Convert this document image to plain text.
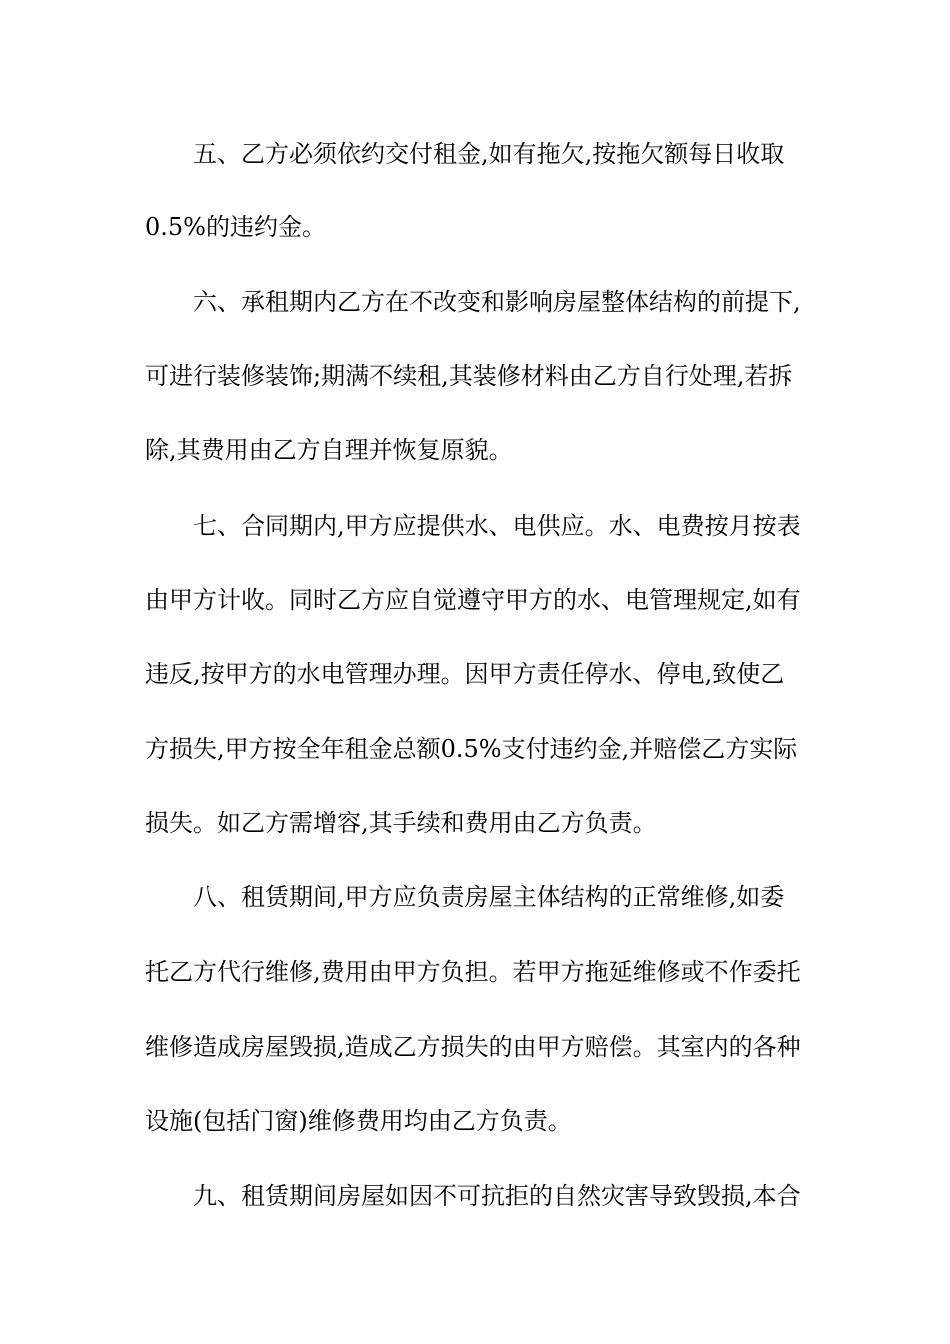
五、乙方必须依约交付租金,如有拖欠,按拖欠额每日收取
0.5%的违约金。
六、承租期内乙方在不改变和影响房屋整体结构的前提下,
可进行装修装饰;期满不续租,其装修材料由乙方自行处理,若拆
除,其费用由乙方自理并恢复原貌。
七、合同期内,甲方应提供水、电供应。水、电费按月按表
由甲方计收。同时乙方应自觉遵守甲方的水、电管理规定,如有
违反,按甲方的水电管理办理。因甲方责任停水、停电,致使乙
方损失,甲方按全年租金总额0.5%支付违约金,并赔偿乙方实际
损失。如乙方需增容,其手续和费用由乙方负责。
八、租赁期间,甲方应负责房屋主体结构的正常维修,如委
托乙方代行维修,费用由甲方负担。若甲方拖延维修或不作委托
维修造成房屋毁损,造成乙方损失的由甲方赔偿。其室内的各种
设施(包括门窗)维修费用均由乙方负责。
九、租赁期间房屋如因不可抗拒的自然灾害导致毁损,本合
